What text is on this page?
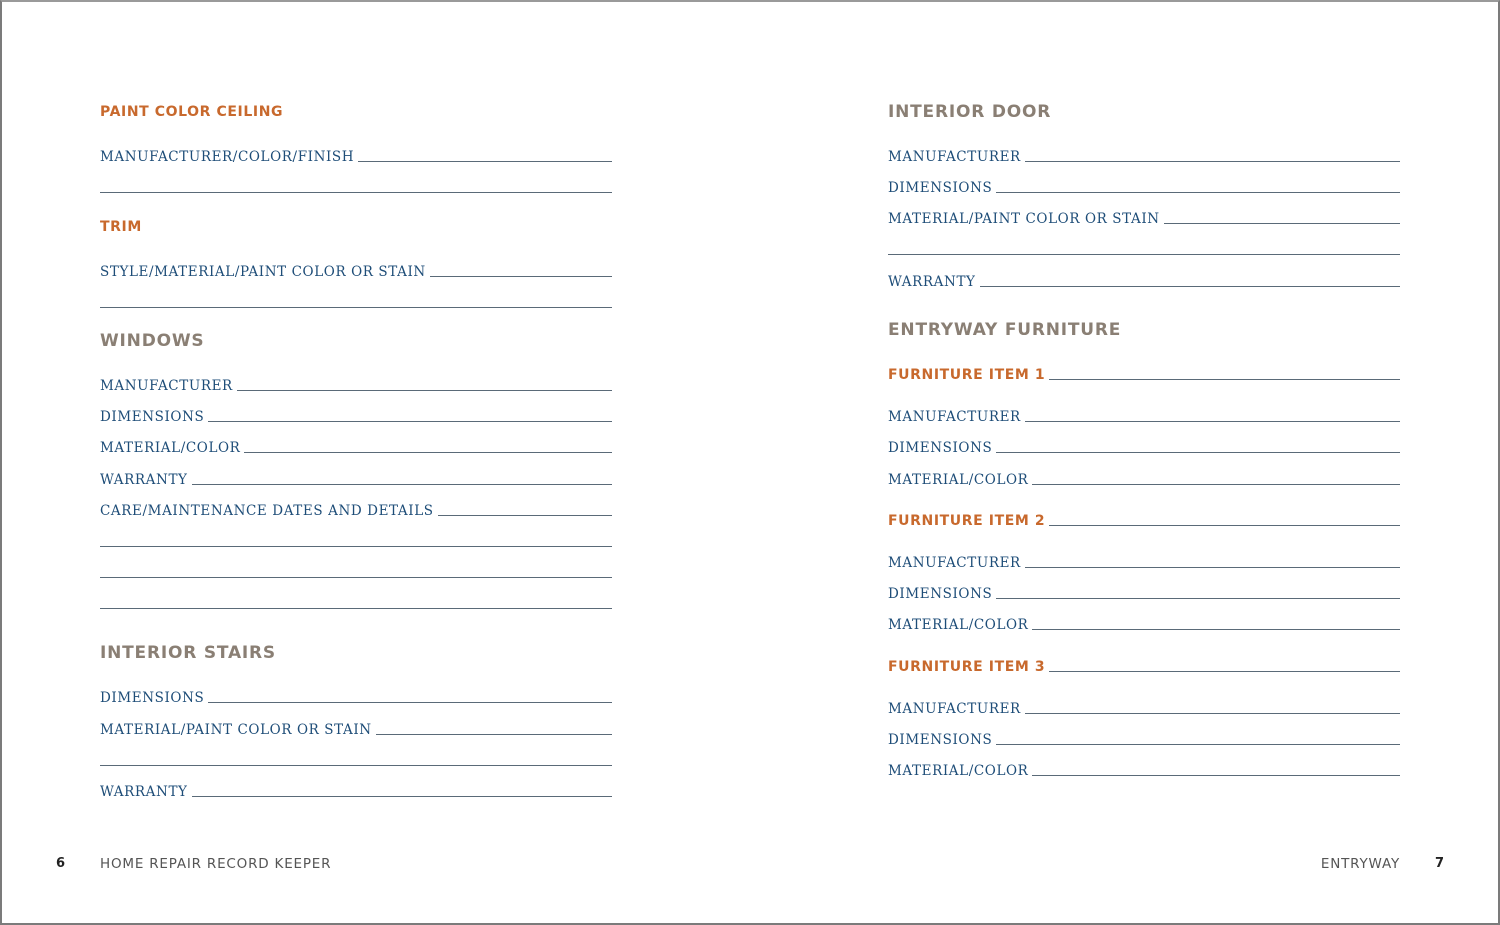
PAINT COLOR CEILING
MANUFACTURER/COLOR/FINISH
TRIM
STYLE/MATERIAL/PAINT COLOR OR STAIN
WINDOWS
MANUFACTURER
DIMENSIONS
MATERIAL/COLOR
WARRANTY
CARE/MAINTENANCE DATES AND DETAILS
INTERIOR STAIRS
DIMENSIONS
MATERIAL/PAINT COLOR OR STAIN
WARRANTY
6	HOME REPAIR RECORD KEEPER
INTERIOR DOOR
MANUFACTURER
DIMENSIONS
MATERIAL/PAINT COLOR OR STAIN
WARRANTY
ENTRYWAY FURNITURE
FURNITURE ITEM 1
MANUFACTURER
DIMENSIONS
MATERIAL/COLOR
FURNITURE ITEM 2
MANUFACTURER
DIMENSIONS
MATERIAL/COLOR
FURNITURE ITEM 3
MANUFACTURER
DIMENSIONS
MATERIAL/COLOR
ENTRYWAY	7
